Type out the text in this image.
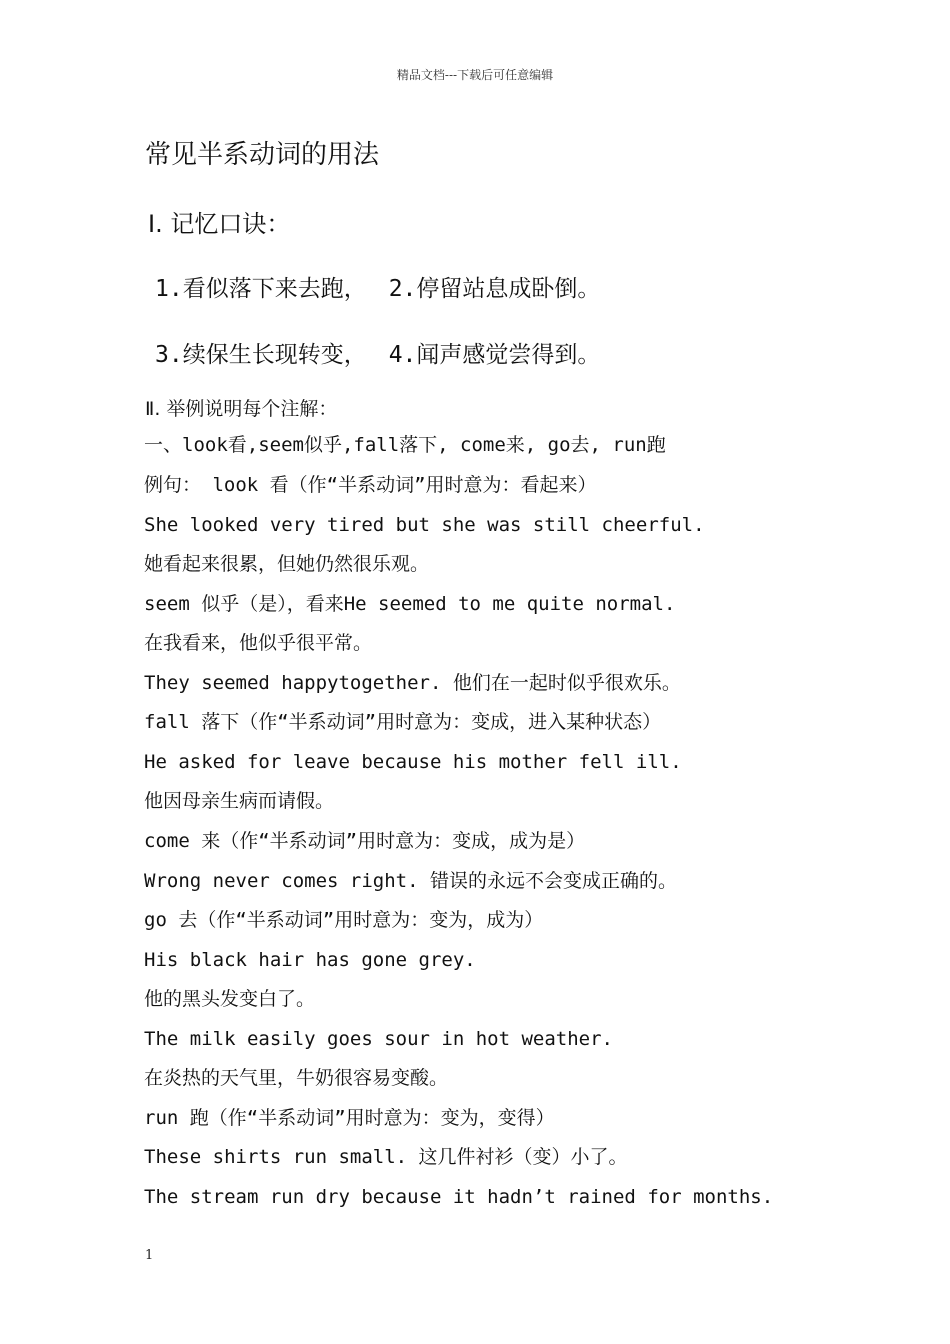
精品文档---下载后可任意编辑
常见半系动词的用法
Ⅰ. 记忆口诀：
1.看似落下来去跑， 2.停留站息成卧倒。
3.续保生长现转变， 4.闻声感觉尝得到。
Ⅱ. 举例说明每个注解：
一、look看,seem似乎,fall落下, come来, go去, run跑
例句： look 看（作“半系动词”用时意为：看起来）
She looked very tired but she was still cheerful.
她看起来很累，但她仍然很乐观。
seem 似乎（是），看来He seemed to me quite normal.
在我看来，他似乎很平常。
They seemed happytogether. 他们在一起时似乎很欢乐。
fall 落下（作“半系动词”用时意为：变成，进入某种状态）
He asked for leave because his mother fell ill.
他因母亲生病而请假。
come 来（作“半系动词”用时意为：变成，成为是）
Wrong never comes right. 错误的永远不会变成正确的。
go 去（作“半系动词”用时意为：变为，成为）
His black hair has gone grey.
他的黑头发变白了。
The milk easily goes sour in hot weather.
在炎热的天气里，牛奶很容易变酸。
run 跑（作“半系动词”用时意为：变为，变得）
These shirts run small. 这几件衬衫（变）小了。
The stream run dry because it hadn’t rained for months.
1
